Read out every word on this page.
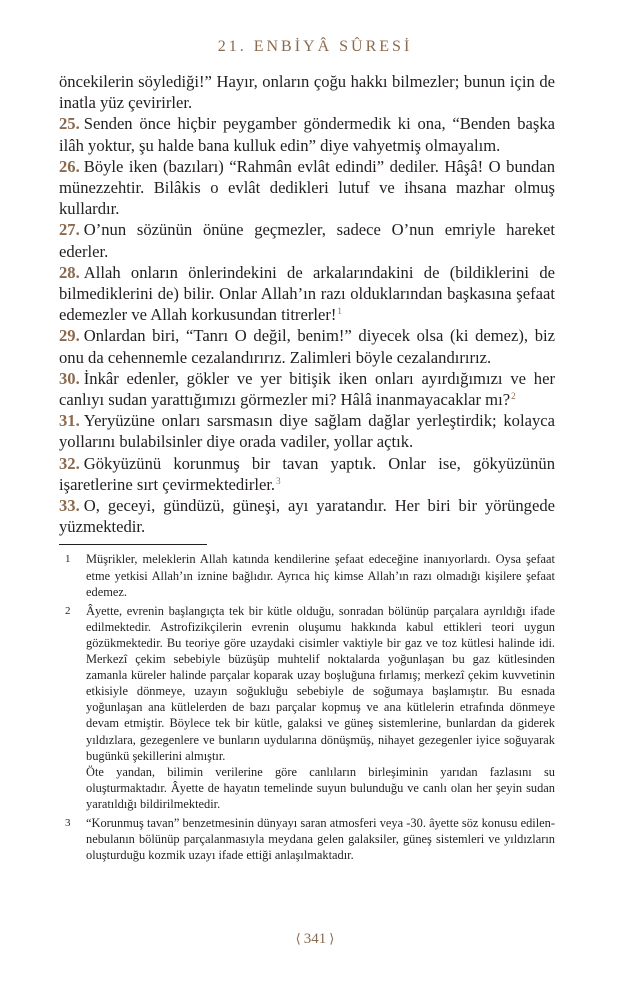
21. ENBİYÂ SÛRESİ

öncekilerin söylediği!” Hayır, onların çoğu hakkı bilmezler; bunun için de inatla yüz çevirirler.

25. Senden önce hiçbir peygamber göndermedik ki ona, “Benden başka ilâh yoktur, şu halde bana kulluk edin” diye vahyetmiş olmayalım.

26. Böyle iken (bazıları) “Rahmân evlât edindi” dediler. Hâşâ! O bundan münezzehtir. Bilâkis o evlât dedikleri lutuf ve ihsana mazhar olmuş kullardır.

27. O’nun sözünün önüne geçmezler, sadece O’nun emriyle hareket ederler.

28. Allah onların önlerindekini de arkalarındakini de (bildiklerini de bilmediklerini de) bilir. Onlar Allah’ın razı olduklarından başkasına şefaat edemezler ve Allah korkusundan titrerler!$^1$

29. Onlardan biri, “Tanrı O değil, benim!” diyecek olsa (ki demez), biz onu da cehennemle cezalandırırız. Zalimleri böyle cezalandırırız.

30. İnkâr edenler, gökler ve yer bitişik iken onları ayırdığımızı ve her canlıyı sudan yarattığımızı görmezler mi? Hâlâ inanmayacaklar mı?$^2$

31. Yeryüzüne onları sarsmasın diye sağlam dağlar yerleştirdik; kolayca yollarını bulabilsinler diye orada vadiler, yollar açtık.

32. Gökyüzünü korunmuş bir tavan yaptık. Onlar ise, gökyüzünün işaretlerine sırt çevirmektedirler.$^3$

33. O, geceyi, gündüzü, güneşi, ayı yaratandır. Her biri bir yörüngede yüzmektedir.

1	Müşrikler, meleklerin Allah katında kendilerine şefaat edeceğine inanıyorlardı. Oysa şefaat etme yetkisi Allah’ın iznine bağlıdır. Ayrıca hiç kimse Allah’ın razı olmadığı kişilere şefaat edemez.

2	Âyette, evrenin başlangıçta tek bir kütle olduğu, sonradan bölünüp parçalara ayrıldığı ifade edilmektedir. Astrofizikçilerin evrenin oluşumu hakkında kabul ettikleri teori uygun gözükmektedir. Bu teoriye göre uzaydaki cisimler vaktiyle bir gaz ve toz kütlesi halinde idi. Merkezî çekim sebebiyle büzüşüp muhtelif noktalarda yoğunlaşan bu gaz kütlesinden zamanla küreler halinde parçalar koparak uzay boşluğuna fırlamış; merkezî çekim kuvvetinin etkisiyle dönmeye, uzayın soğukluğu sebebiyle de soğumaya başlamıştır. Bu esnada yoğunlaşan ana kütlelerden de bazı parçalar kopmuş ve ana kütlelerin etrafında dönmeye devam etmiştir. Böylece tek bir kütle, galaksi ve güneş sistemlerine, bunlardan da giderek yıldızlara, gezegenlere ve bunların uydularına dönüşmüş, nihayet gezegenler iyice soğuyarak bugünkü şekillerini almıştır.

Öte yandan, bilimin verilerine göre canlıların birleşiminin yarıdan fazlasını su oluşturmaktadır. Âyette de hayatın temelinde suyun bulunduğu ve canlı olan her şeyin sudan yaratıldığı bildirilmektedir.

3	“Korunmuş tavan” benzetmesinin dünyayı saran atmosferi veya -30. âyette söz konusu edilen- nebulanın bölünüp parçalanmasıyla meydana gelen galaksiler, güneş sistemleri ve yıldızların oluşturduğu kozmik uzayı ifade ettiği anlaşılmaktadır.

⟨ 341 ⟩
